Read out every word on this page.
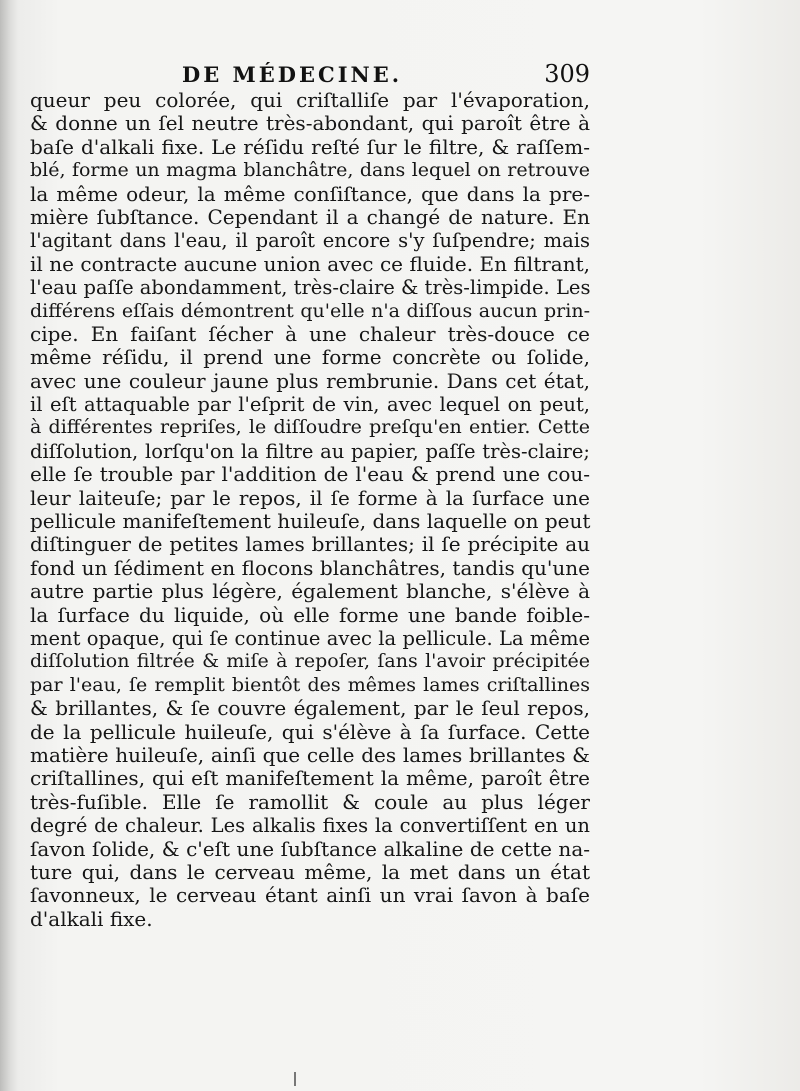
DE MÉDECINE.	309
queur peu colorée, qui criſtalliſe par l'évaporation,
& donne un ſel neutre très-abondant, qui paroît être à
baſe d'alkali fixe. Le réſidu reſté ſur le filtre, & raſſem-
blé, forme un magma blanchâtre, dans lequel on retrouve
la même odeur, la même conſiſtance, que dans la pre-
mière ſubſtance. Cependant il a changé de nature. En
l'agitant dans l'eau, il paroît encore s'y ſuſpendre; mais
il ne contracte aucune union avec ce fluide. En filtrant,
l'eau paſſe abondamment, très-claire & très-limpide. Les
différens eſſais démontrent qu'elle n'a diſſous aucun prin-
cipe. En faiſant ſécher à une chaleur très-douce ce
même réſidu, il prend une forme concrète ou ſolide,
avec une couleur jaune plus rembrunie. Dans cet état,
il eſt attaquable par l'eſprit de vin, avec lequel on peut,
à différentes repriſes, le diſſoudre preſqu'en entier. Cette
diſſolution, lorſqu'on la filtre au papier, paſſe très-claire;
elle ſe trouble par l'addition de l'eau & prend une cou-
leur laiteuſe; par le repos, il ſe forme à la ſurface une
pellicule manifeſtement huileuſe, dans laquelle on peut
diſtinguer de petites lames brillantes; il ſe précipite au
fond un ſédiment en flocons blanchâtres, tandis qu'une
autre partie plus légère, également blanche, s'élève à
la ſurface du liquide, où elle forme une bande foible-
ment opaque, qui ſe continue avec la pellicule. La même
diſſolution filtrée & miſe à repoſer, ſans l'avoir précipitée
par l'eau, ſe remplit bientôt des mêmes lames criſtallines
& brillantes, & ſe couvre également, par le ſeul repos,
de la pellicule huileuſe, qui s'élève à ſa ſurface. Cette
matière huileuſe, ainſi que celle des lames brillantes &
criſtallines, qui eſt manifeſtement la même, paroît être
très-fuſible. Elle ſe ramollit & coule au plus léger
degré de chaleur. Les alkalis fixes la convertiſſent en un
ſavon ſolide, & c'eſt une ſubſtance alkaline de cette na-
ture qui, dans le cerveau même, la met dans un état
ſavonneux, le cerveau étant ainſi un vrai ſavon à baſe
d'alkali fixe.
